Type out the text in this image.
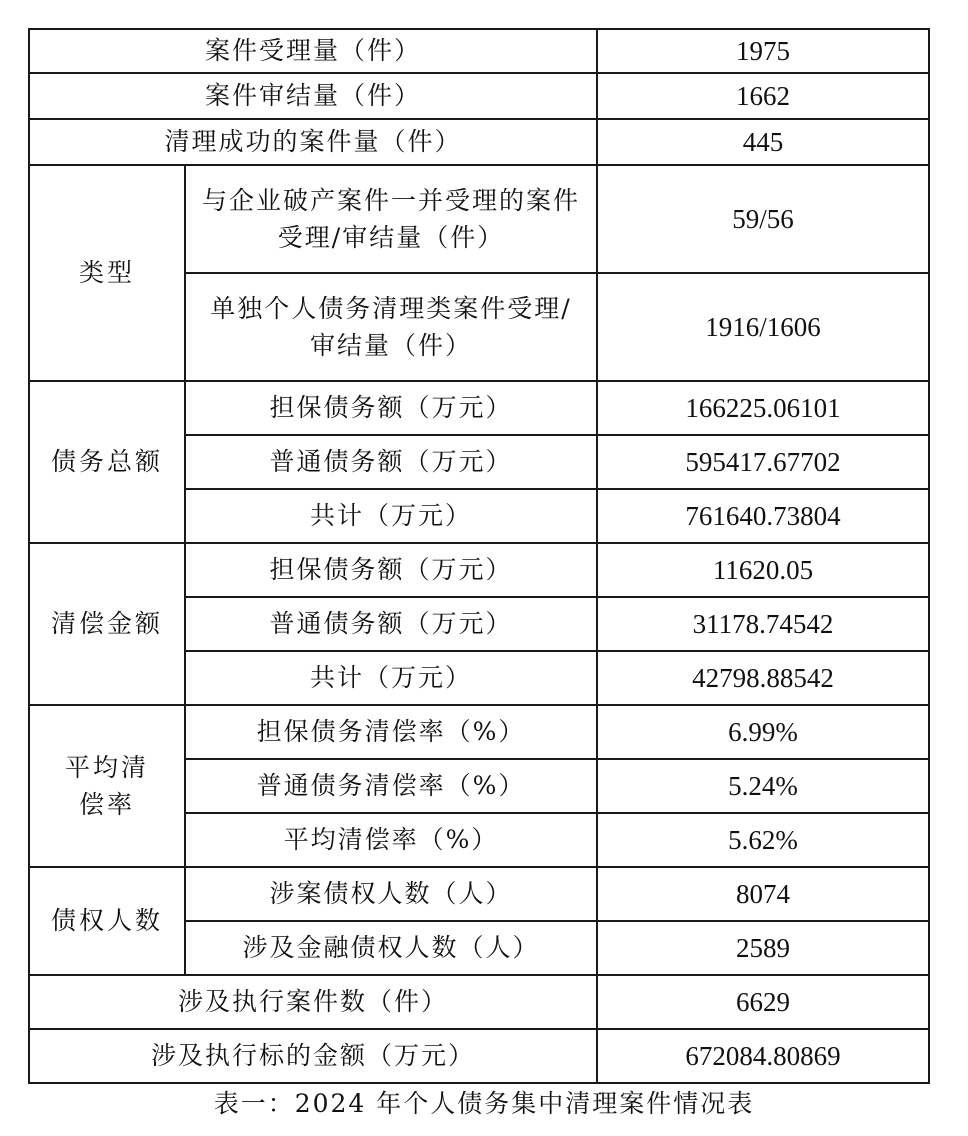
案件受理量（件）		1975
案件审结量（件）		1662
清理成功的案件量（件）		445
类型	与企业破产案件一并受理的案件受理/审结量（件）	59/56
	单独个人债务清理类案件受理/审结量（件）	1916/1606
债务总额	担保债务额（万元）	166225.06101
	普通债务额（万元）	595417.67702
	共计（万元）	761640.73804
清偿金额	担保债务额（万元）	11620.05
	普通债务额（万元）	31178.74542
	共计（万元）	42798.88542
平均清偿率	担保债务清偿率（%）	6.99%
	普通债务清偿率（%）	5.24%
	平均清偿率（%）	5.62%
债权人数	涉案债权人数（人）	8074
	涉及金融债权人数（人）	2589
涉及执行案件数（件）		6629
涉及执行标的金额（万元）		672084.80869
表一：2024 年个人债务集中清理案件情况表
